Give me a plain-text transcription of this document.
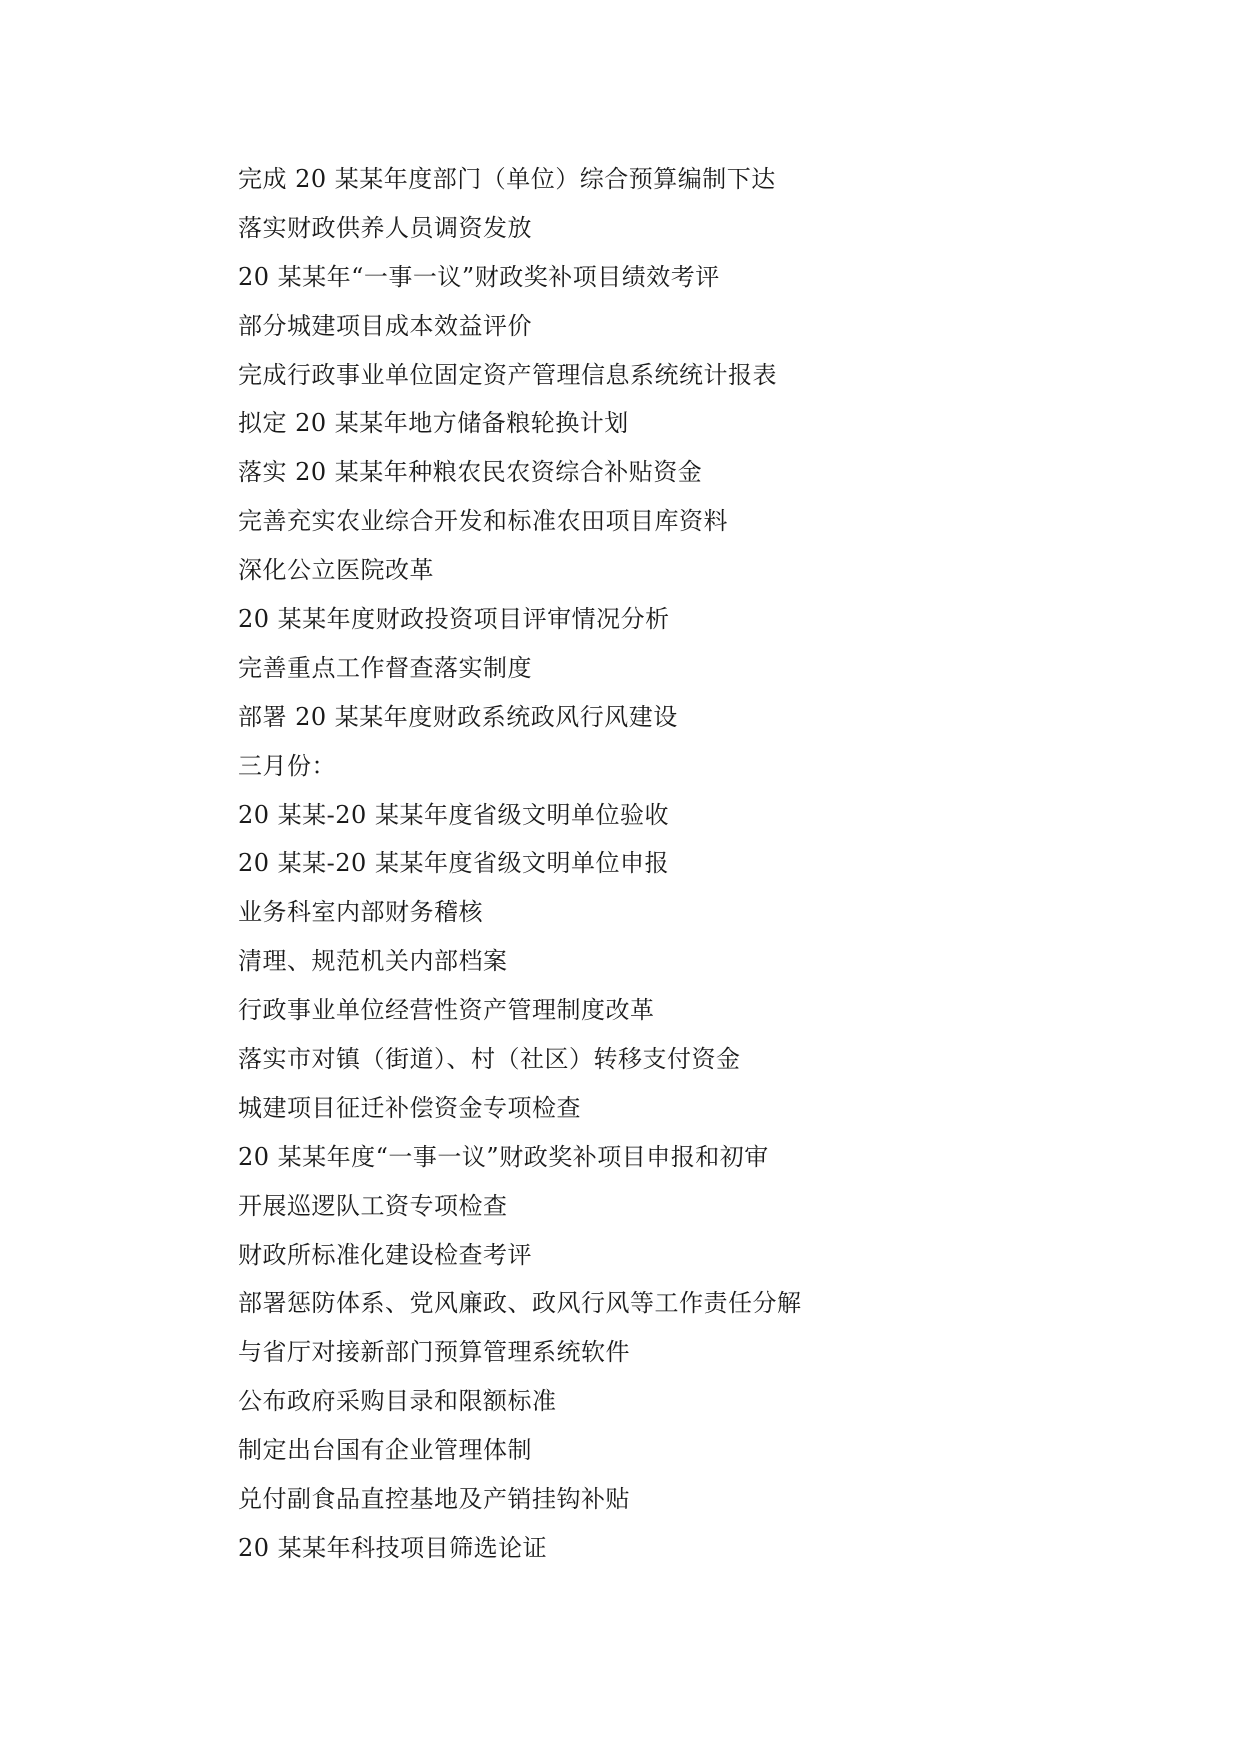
完成 20 某某年度部门（单位）综合预算编制下达
落实财政供养人员调资发放
20 某某年“一事一议”财政奖补项目绩效考评
部分城建项目成本效益评价
完成行政事业单位固定资产管理信息系统统计报表
拟定 20 某某年地方储备粮轮换计划
落实 20 某某年种粮农民农资综合补贴资金
完善充实农业综合开发和标准农田项目库资料
深化公立医院改革
20 某某年度财政投资项目评审情况分析
完善重点工作督查落实制度
部署 20 某某年度财政系统政风行风建设
三月份：
20 某某-20 某某年度省级文明单位验收
20 某某-20 某某年度省级文明单位申报
业务科室内部财务稽核
清理、规范机关内部档案
行政事业单位经营性资产管理制度改革
落实市对镇（街道）、村（社区）转移支付资金
城建项目征迁补偿资金专项检查
20 某某年度“一事一议”财政奖补项目申报和初审
开展巡逻队工资专项检查
财政所标准化建设检查考评
部署惩防体系、党风廉政、政风行风等工作责任分解
与省厅对接新部门预算管理系统软件
公布政府采购目录和限额标准
制定出台国有企业管理体制
兑付副食品直控基地及产销挂钩补贴
20 某某年科技项目筛选论证
